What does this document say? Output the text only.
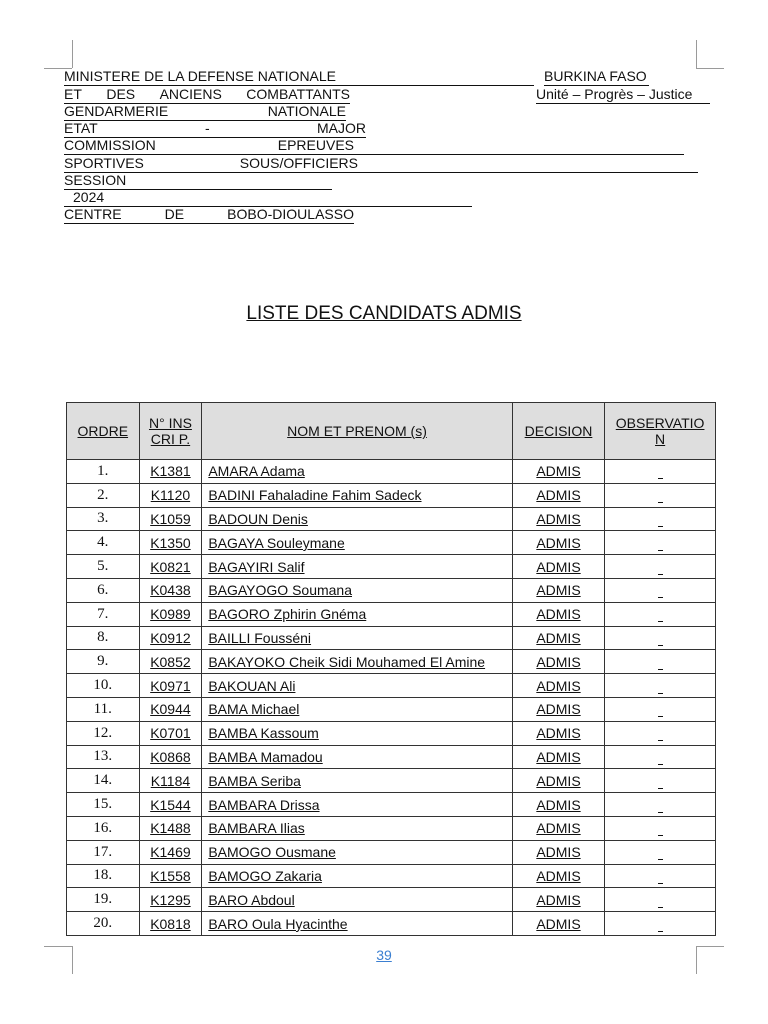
MINISTERE DE LA DEFENSE NATIONALE
ET DES ANCIENS COMBATTANTS
GENDARMERIE	NATIONALE
ETAT	-	MAJOR
COMMISSION	EPREUVES
SPORTIVES	SOUS/OFFICIERS
SESSION
2024
CENTRE	DE	BOBO-DIOULASSO
BURKINA FASO
Unité – Progrès – Justice
LISTE DES CANDIDATS ADMIS
ORDRE	N° INSCRI P.	NOM ET PRENOM (s)	DECISION	OBSERVATIO N
1.	K1381	AMARA Adama	ADMIS	
2.	K1120	BADINI Fahaladine Fahim Sadeck	ADMIS	
3.	K1059	BADOUN Denis	ADMIS	
4.	K1350	BAGAYA Souleymane	ADMIS	
5.	K0821	BAGAYIRI Salif	ADMIS	
6.	K0438	BAGAYOGO Soumana	ADMIS	
7.	K0989	BAGORO Zphirin Gnéma	ADMIS	
8.	K0912	BAILLI Fousséni	ADMIS	
9.	K0852	BAKAYOKO Cheik Sidi Mouhamed El Amine	ADMIS	
10.	K0971	BAKOUAN Ali	ADMIS	
11.	K0944	BAMA Michael	ADMIS	
12.	K0701	BAMBA Kassoum	ADMIS	
13.	K0868	BAMBA Mamadou	ADMIS	
14.	K1184	BAMBA Seriba	ADMIS	
15.	K1544	BAMBARA Drissa	ADMIS	
16.	K1488	BAMBARA Ilias	ADMIS	
17.	K1469	BAMOGO Ousmane	ADMIS	
18.	K1558	BAMOGO Zakaria	ADMIS	
19.	K1295	BARO Abdoul	ADMIS	
20.	K0818	BARO Oula Hyacinthe	ADMIS	
39
